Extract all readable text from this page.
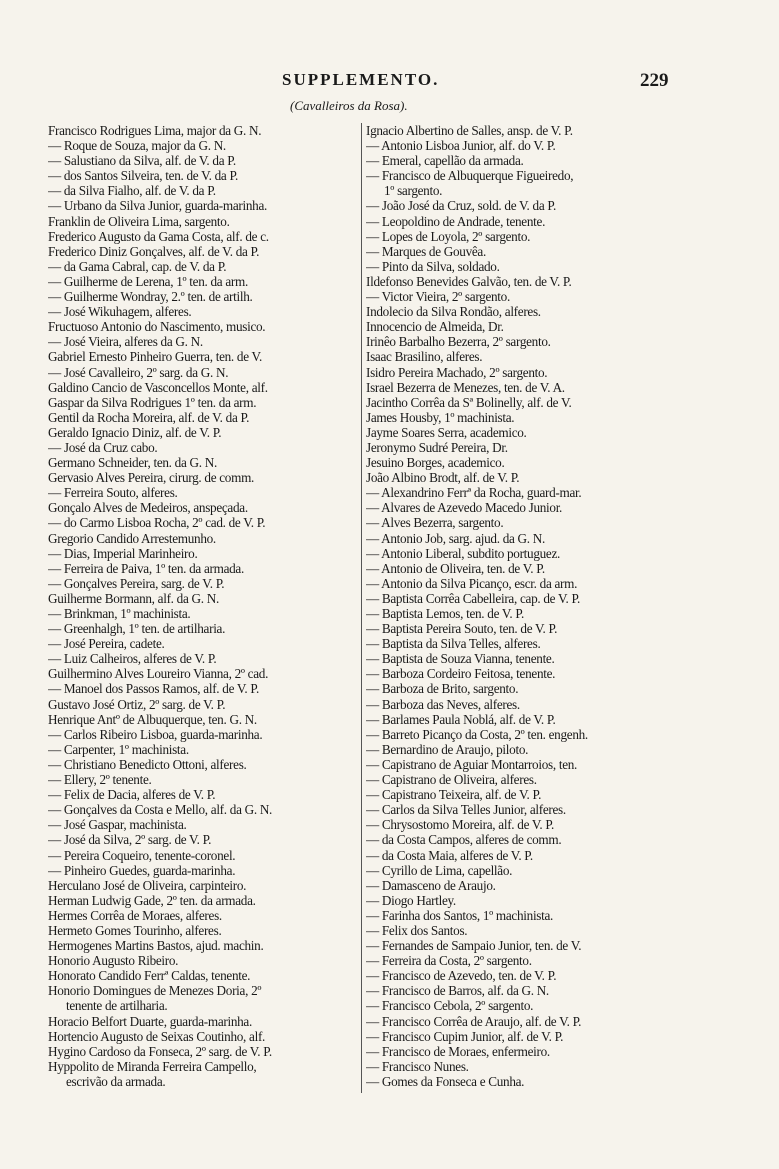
SUPPLEMENTO.	229
(Cavalleiros da Rosa).
Francisco Rodrigues Lima, major da G. N.
— Roque de Souza, major da G. N.
— Salustiano da Silva, alf. de V. da P.
— dos Santos Silveira, ten. de V. da P.
— da Silva Fialho, alf. de V. da P.
— Urbano da Silva Junior, guarda-marinha.
Franklin de Oliveira Lima, sargento.
Frederico Augusto da Gama Costa, alf. de c.
Frederico Diniz Gonçalves, alf. de V. da P.
— da Gama Cabral, cap. de V. da P.
— Guilherme de Lerena, 1º ten. da arm.
— Guilherme Wondray, 2.º ten. de artilh.
— José Wikuhagem, alferes.
Fructuoso Antonio do Nascimento, musico.
— José Vieira, alferes da G. N.
Gabriel Ernesto Pinheiro Guerra, ten. de V.
— José Cavalleiro, 2º sarg. da G. N.
Galdino Cancio de Vasconcellos Monte, alf.
Gaspar da Silva Rodrigues 1º ten. da arm.
Gentil da Rocha Moreira, alf. de V. da P.
Geraldo Ignacio Diniz, alf. de V. P.
— José da Cruz cabo.
Germano Schneider, ten. da G. N.
Gervasio Alves Pereira, cirurg. de comm.
— Ferreira Souto, alferes.
Gonçalo Alves de Medeiros, anspeçada.
— do Carmo Lisboa Rocha, 2º cad. de V. P.
Gregorio Candido Arrestemunho.
— Dias, Imperial Marinheiro.
— Ferreira de Paiva, 1º ten. da armada.
— Gonçalves Pereira, sarg. de V. P.
Guilherme Bormann, alf. da G. N.
— Brinkman, 1º machinista.
— Greenhalgh, 1º ten. de artilharia.
— José Pereira, cadete.
— Luiz Calheiros, alferes de V. P.
Guilhermino Alves Loureiro Vianna, 2º cad.
— Manoel dos Passos Ramos, alf. de V. P.
Gustavo José Ortiz, 2º sarg. de V. P.
Henrique Antº de Albuquerque, ten. G. N.
— Carlos Ribeiro Lisboa, guarda-marinha.
— Carpenter, 1º machinista.
— Christiano Benedicto Ottoni, alferes.
— Ellery, 2º tenente.
— Felix de Dacia, alferes de V. P.
— Gonçalves da Costa e Mello, alf. da G. N.
— José Gaspar, machinista.
— José da Silva, 2º sarg. de V. P.
— Pereira Coqueiro, tenente-coronel.
— Pinheiro Guedes, guarda-marinha.
Herculano José de Oliveira, carpinteiro.
Herman Ludwig Gade, 2º ten. da armada.
Hermes Corrêa de Moraes, alferes.
Hermeto Gomes Tourinho, alferes.
Hermogenes Martins Bastos, ajud. machin.
Honorio Augusto Ribeiro.
Honorato Candido Ferrª Caldas, tenente.
Honorio Domingues de Menezes Doria, 2º
tenente de artilharia.
Horacio Belfort Duarte, guarda-marinha.
Hortencio Augusto de Seixas Coutinho, alf.
Hygino Cardoso da Fonseca, 2º sarg. de V. P.
Hyppolito de Miranda Ferreira Campello,
escrivão da armada.
Ignacio Albertino de Salles, ansp. de V. P.
— Antonio Lisboa Junior, alf. do V. P.
— Emeral, capellão da armada.
— Francisco de Albuquerque Figueiredo,
1º sargento.
— João José da Cruz, sold. de V. da P.
— Leopoldino de Andrade, tenente.
— Lopes de Loyola, 2º sargento.
— Marques de Gouvêa.
— Pinto da Silva, soldado.
Ildefonso Benevides Galvão, ten. de V. P.
— Victor Vieira, 2º sargento.
Indolecio da Silva Rondão, alferes.
Innocencio de Almeida, Dr.
Irinêo Barbalho Bezerra, 2º sargento.
Isaac Brasilino, alferes.
Isidro Pereira Machado, 2º sargento.
Israel Bezerra de Menezes, ten. de V. A.
Jacintho Corrêa da Sª Bolinelly, alf. de V.
James Housby, 1º machinista.
Jayme Soares Serra, academico.
Jeronymo Sudré Pereira, Dr.
Jesuino Borges, academico.
João Albino Brodt, alf. de V. P.
— Alexandrino Ferrª da Rocha, guard-mar.
— Alvares de Azevedo Macedo Junior.
— Alves Bezerra, sargento.
— Antonio Job, sarg. ajud. da G. N.
— Antonio Liberal, subdito portuguez.
— Antonio de Oliveira, ten. de V. P.
— Antonio da Silva Picanço, escr. da arm.
— Baptista Corrêa Cabelleira, cap. de V. P.
— Baptista Lemos, ten. de V. P.
— Baptista Pereira Souto, ten. de V. P.
— Baptista da Silva Telles, alferes.
— Baptista de Souza Vianna, tenente.
— Barboza Cordeiro Feitosa, tenente.
— Barboza de Brito, sargento.
— Barboza das Neves, alferes.
— Barlames Paula Noblá, alf. de V. P.
— Barreto Picanço da Costa, 2º ten. engenh.
— Bernardino de Araujo, piloto.
— Capistrano de Aguiar Montarroios, ten.
— Capistrano de Oliveira, alferes.
— Capistrano Teixeira, alf. de V. P.
— Carlos da Silva Telles Junior, alferes.
— Chrysostomo Moreira, alf. de V. P.
— da Costa Campos, alferes de comm.
— da Costa Maia, alferes de V. P.
— Cyrillo de Lima, capellão.
— Damasceno de Araujo.
— Diogo Hartley.
— Farinha dos Santos, 1º machinista.
— Felix dos Santos.
— Fernandes de Sampaio Junior, ten. de V.
— Ferreira da Costa, 2º sargento.
— Francisco de Azevedo, ten. de V. P.
— Francisco de Barros, alf. da G. N.
— Francisco Cebola, 2º sargento.
— Francisco Corrêa de Araujo, alf. de V. P.
— Francisco Cupim Junior, alf. de V. P.
— Francisco de Moraes, enfermeiro.
— Francisco Nunes.
— Gomes da Fonseca e Cunha.
